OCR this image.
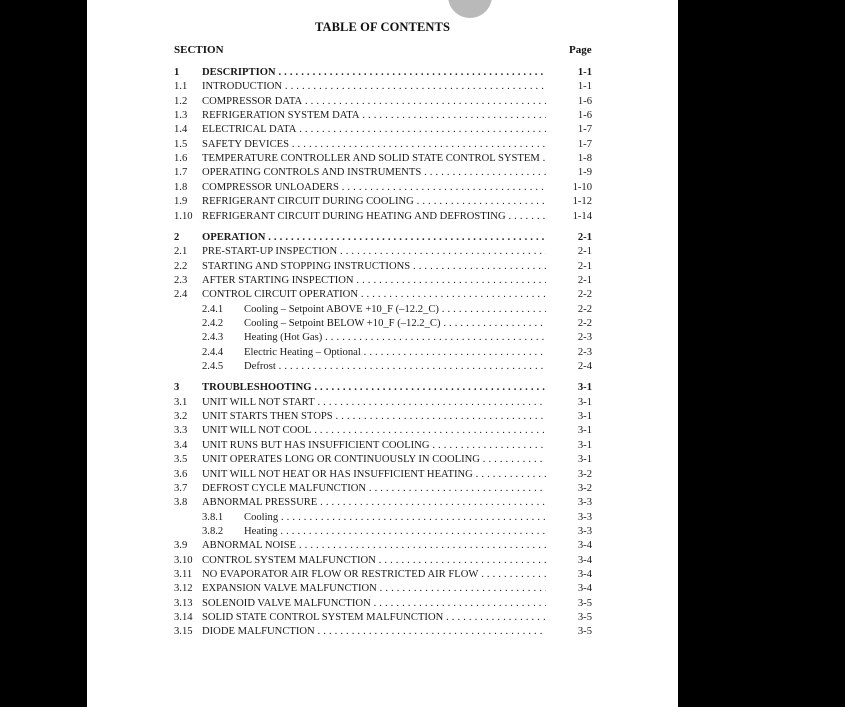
TABLE OF CONTENTS
SECTION	Page
1 DESCRIPTION . . .	1-1
1.1 INTRODUCTION . . .	1-1
1.2 COMPRESSOR DATA . . .	1-6
1.3 REFRIGERATION SYSTEM DATA . . .	1-6
1.4 ELECTRICAL DATA . . .	1-7
1.5 SAFETY DEVICES . . .	1-7
1.6 TEMPERATURE CONTROLLER AND SOLID STATE CONTROL SYSTEM . . .	1-8
1.7 OPERATING CONTROLS AND INSTRUMENTS . . .	1-9
1.8 COMPRESSOR UNLOADERS . . .	1-10
1.9 REFRIGERANT CIRCUIT DURING COOLING . . .	1-12
1.10 REFRIGERANT CIRCUIT DURING HEATING AND DEFROSTING . . .	1-14
2 OPERATION . . .	2-1
2.1 PRE-START-UP INSPECTION . . .	2-1
2.2 STARTING AND STOPPING INSTRUCTIONS . . .	2-1
2.3 AFTER STARTING INSPECTION . . .	2-1
2.4 CONTROL CIRCUIT OPERATION . . .	2-2
2.4.1 Cooling – Setpoint ABOVE +10_F (–12.2_C) . . .	2-2
2.4.2 Cooling – Setpoint BELOW +10_F (–12.2_C) . . .	2-2
2.4.3 Heating (Hot Gas) . . .	2-3
2.4.4 Electric Heating – Optional . . .	2-3
2.4.5 Defrost . . .	2-4
3 TROUBLESHOOTING . . .	3-1
3.1 UNIT WILL NOT START . . .	3-1
3.2 UNIT STARTS THEN STOPS . . .	3-1
3.3 UNIT WILL NOT COOL . . .	3-1
3.4 UNIT RUNS BUT HAS INSUFFICIENT COOLING . . .	3-1
3.5 UNIT OPERATES LONG OR CONTINUOUSLY IN COOLING . . .	3-1
3.6 UNIT WILL NOT HEAT OR HAS INSUFFICIENT HEATING . . .	3-2
3.7 DEFROST CYCLE MALFUNCTION . . .	3-2
3.8 ABNORMAL PRESSURE . . .	3-3
3.8.1 Cooling . . .	3-3
3.8.2 Heating . . .	3-3
3.9 ABNORMAL NOISE . . .	3-4
3.10 CONTROL SYSTEM MALFUNCTION . . .	3-4
3.11 NO EVAPORATOR AIR FLOW OR RESTRICTED AIR FLOW . . .	3-4
3.12 EXPANSION VALVE MALFUNCTION . . .	3-4
3.13 SOLENOID VALVE MALFUNCTION . . .	3-5
3.14 SOLID STATE CONTROL SYSTEM MALFUNCTION . . .	3-5
3.15 DIODE MALFUNCTION . . .	3-5
